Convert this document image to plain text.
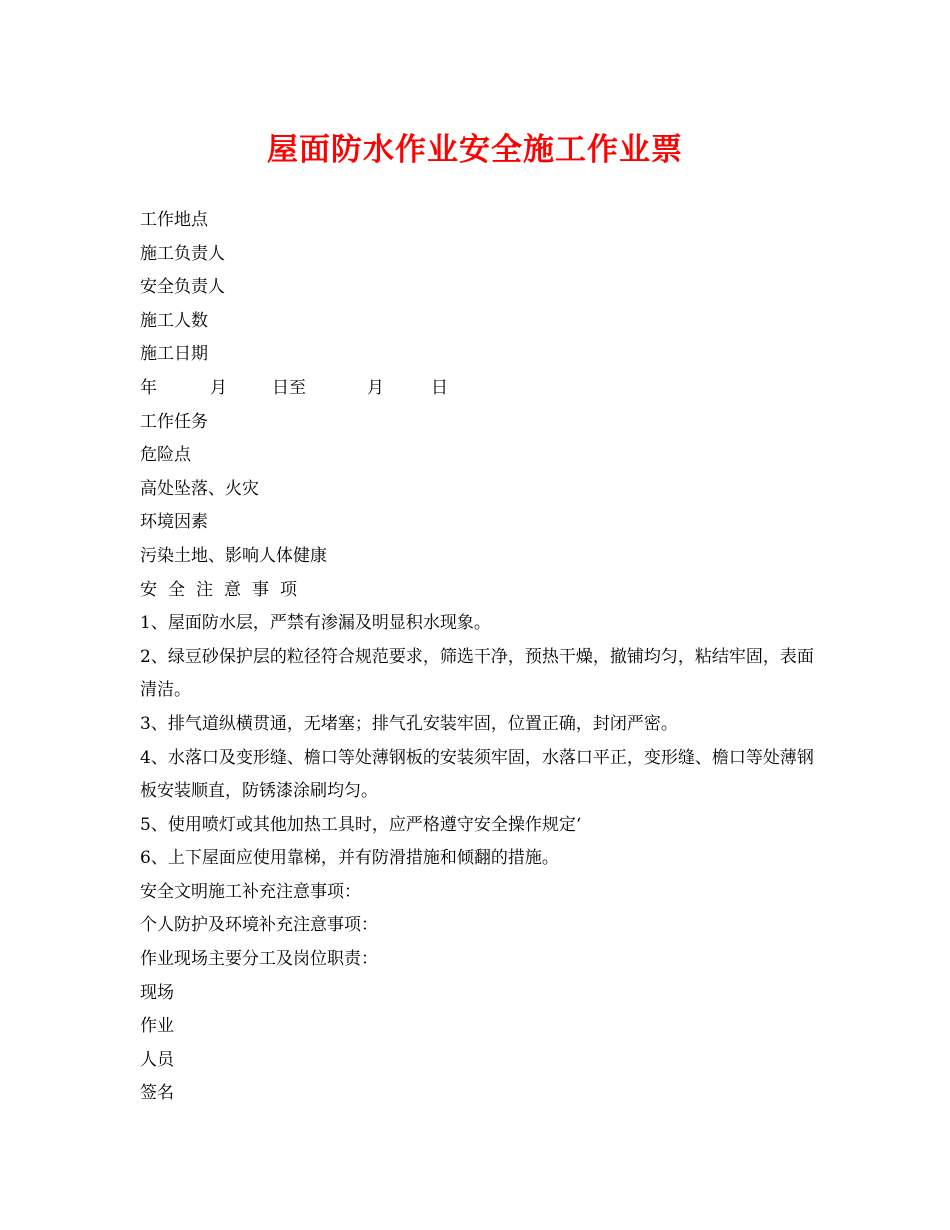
屋面防水作业安全施工作业票
工作地点
施工负责人
安全负责人
施工人数
施工日期
年	月	日至	月	日
工作任务
危险点
高处坠落、火灾
环境因素
污染土地、影响人体健康
安全注意事项
1、屋面防水层，严禁有渗漏及明显积水现象。
2、绿豆砂保护层的粒径符合规范要求，筛选干净，预热干燥，撤铺均匀，粘结牢固，表面清洁。
3、排气道纵横贯通，无堵塞；排气孔安装牢固，位置正确，封闭严密。
4、水落口及变形缝、檐口等处薄钢板的安装须牢固，水落口平正，变形缝、檐口等处薄钢板安装顺直，防锈漆涂刷均匀。
5、使用喷灯或其他加热工具时，应严格遵守安全操作规定‘
6、上下屋面应使用靠梯，并有防滑措施和倾翻的措施。
安全文明施工补充注意事项：
个人防护及环境补充注意事项：
作业现场主要分工及岗位职责：
现场
作业
人员
签名
